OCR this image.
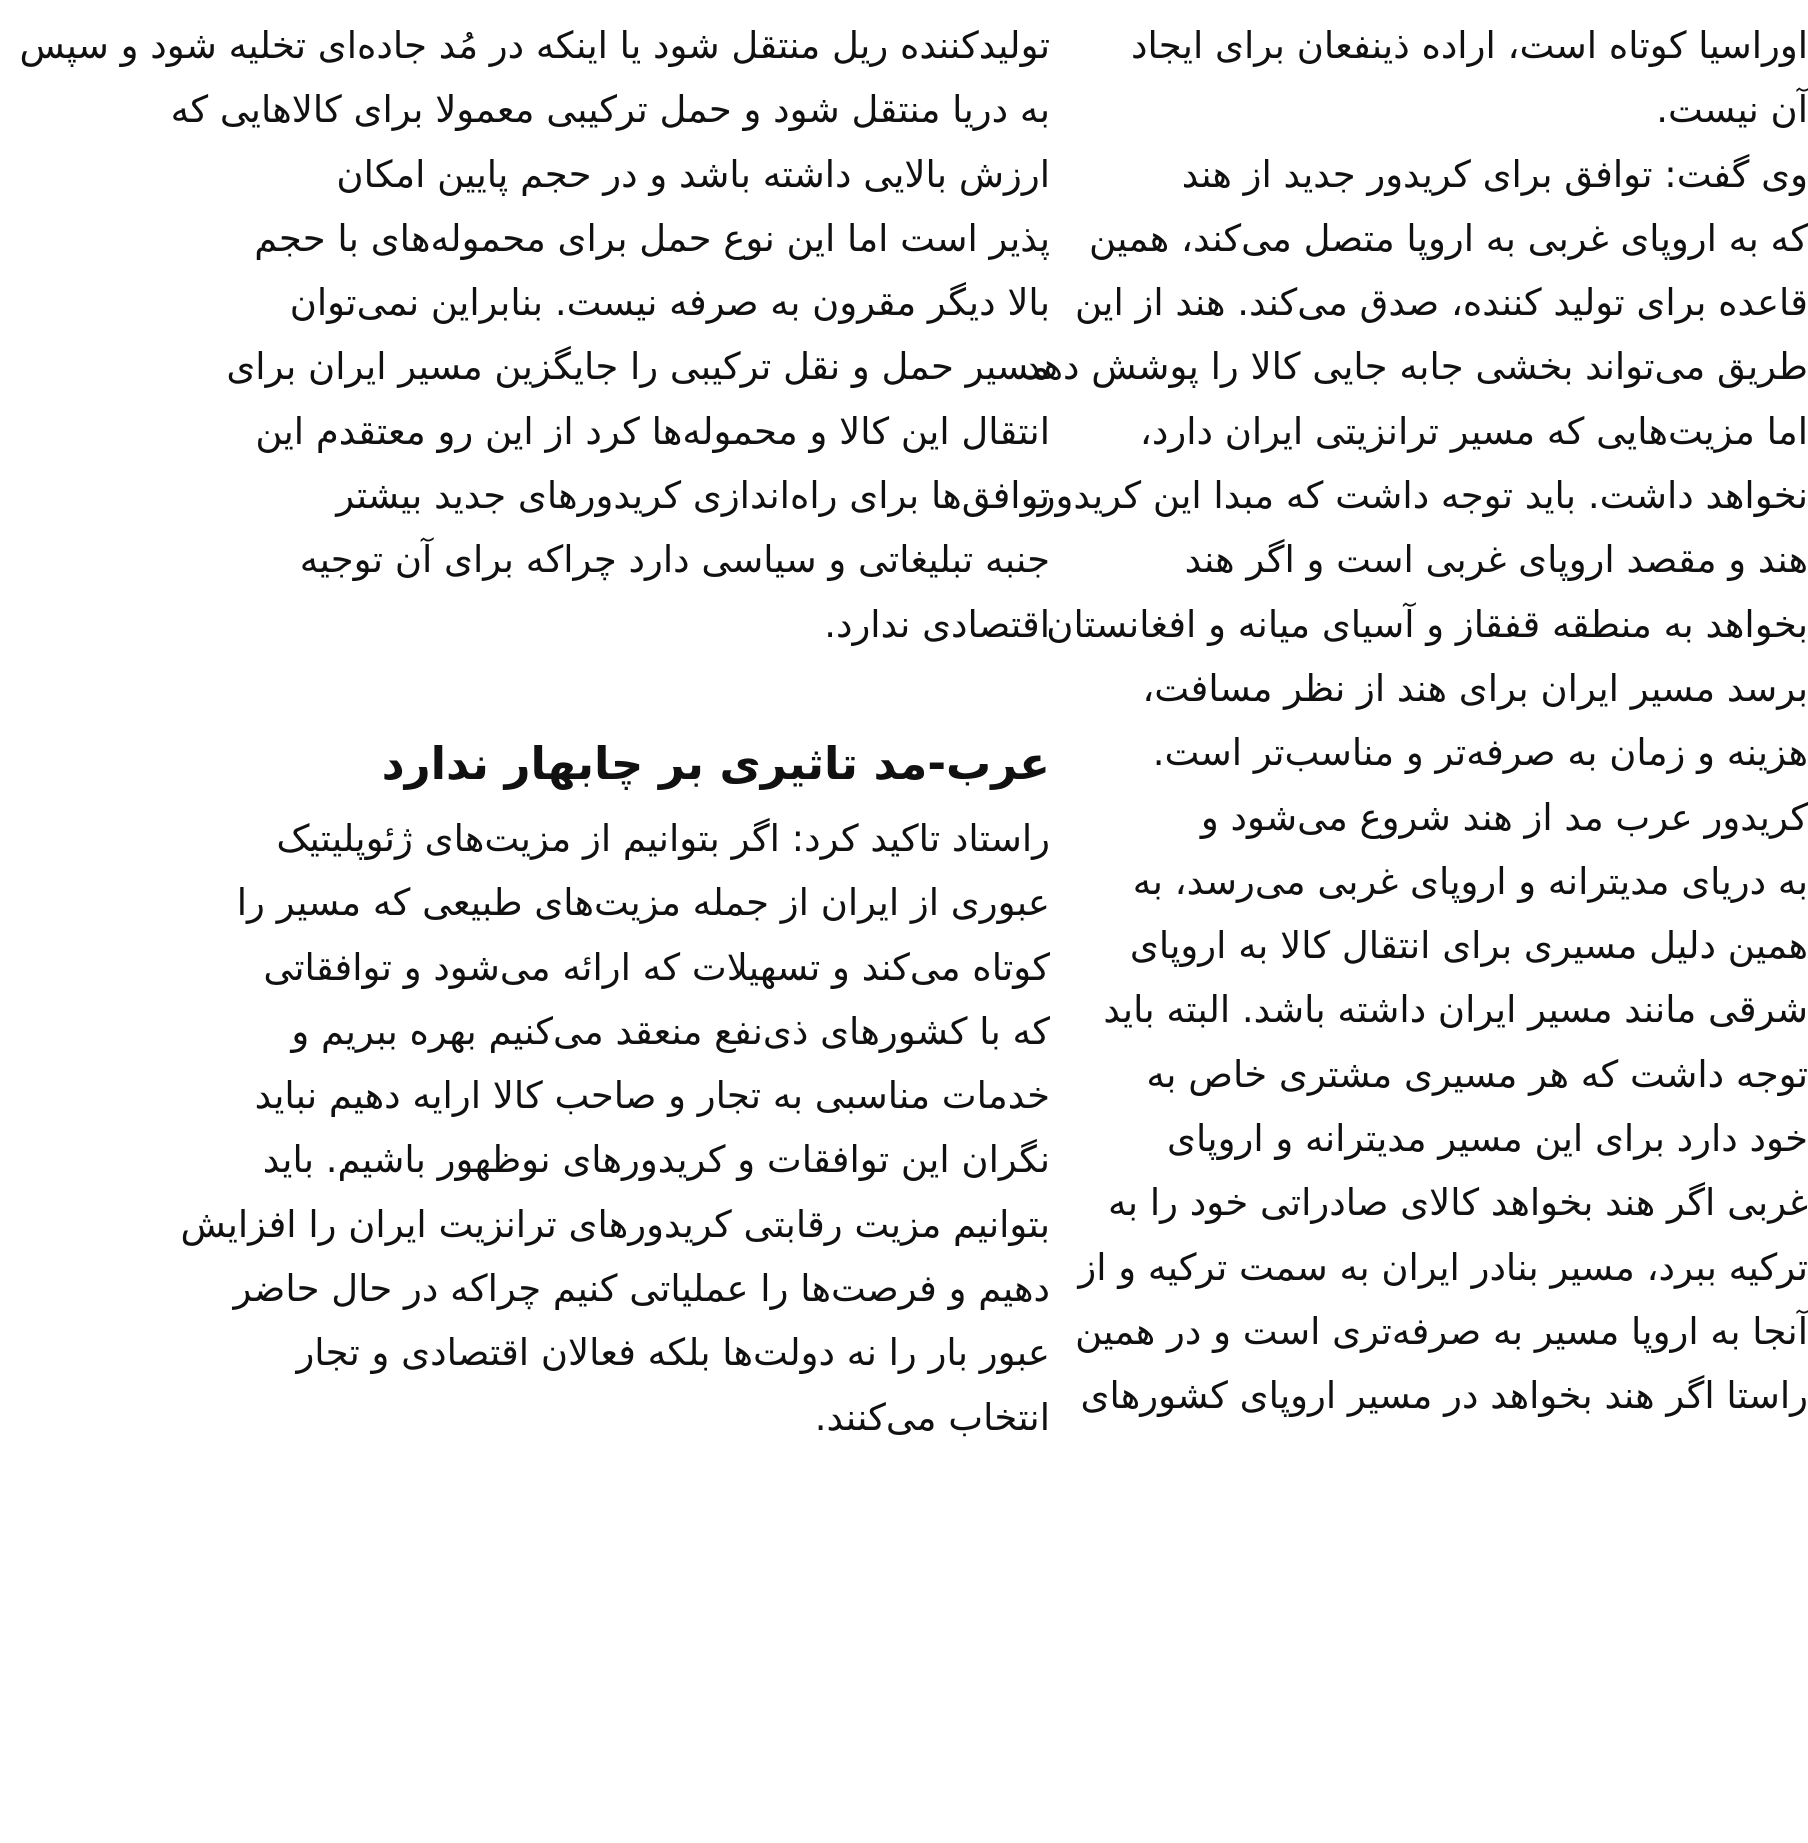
تولیدکننده ریل منتقل شود یا اینکه در مُد جاده‌ای تخلیه شود و سپس
به دریا منتقل شود و حمل ترکیبی معمولا برای کالاهایی که
ارزش بالایی داشته باشد و در حجم پایین امکان
پذیر است اما این نوع حمل برای محموله‌های با حجم
بالا دیگر مقرون به صرفه نیست. بنابراین نمی‌توان
مسیر حمل و نقل ترکیبی را جایگزین مسیر ایران برای
انتقال این کالا و محموله‌ها کرد از این رو معتقدم این
توافق‌ها برای راه‌اندازی کریدورهای جدید بیشتر
جنبه تبلیغاتی و سیاسی دارد چراکه برای آن توجیه
اقتصادی ندارد.
عرب-مد تاثیری بر چابهار ندارد
راستاد تاکید کرد: اگر بتوانیم از مزیت‌های ژئوپلیتیک
عبوری از ایران از جمله مزیت‌های طبیعی که مسیر را
کوتاه می‌کند و تسهیلات که ارائه می‌شود و توافقاتی
که با کشورهای ذی‌نفع منعقد می‌کنیم بهره ببریم و
خدمات مناسبی به تجار و صاحب کالا ارایه دهیم نباید
نگران این توافقات و کریدورهای نوظهور باشیم. باید
بتوانیم مزیت رقابتی کریدورهای ترانزیت ایران را افزایش
دهیم و فرصت‌ها را عملیاتی کنیم چراکه در حال حاضر
عبور بار را نه دولت‌ها بلکه فعالان اقتصادی و تجار
انتخاب می‌کنند.
اوراسیا کوتاه است، اراده ذینفعان برای ایجاد
آن نیست.
وی گفت: توافق برای کریدور جدید از هند
که به اروپای غربی به اروپا متصل می‌کند، همین
قاعده برای تولید کننده، صدق می‌کند. هند از این
طریق می‌تواند بخشی جابه جایی کالا را پوشش دهد
اما مزیت‌هایی که مسیر ترانزیتی ایران دارد،
نخواهد داشت. باید توجه داشت که مبدا این کریدور،
هند و مقصد اروپای غربی است و اگر هند
بخواهد به منطقه قفقاز و آسیای میانه و افغانستان
برسد مسیر ایران برای هند از نظر مسافت،
هزینه و زمان به صرفه‌تر و مناسب‌تر است.
کریدور عرب مد از هند شروع می‌شود و
به دریای مدیترانه و اروپای غربی می‌رسد، به
همین دلیل مسیری برای انتقال کالا به اروپای
شرقی مانند مسیر ایران داشته باشد. البته باید
توجه داشت که هر مسیری مشتری خاص به
خود دارد برای این مسیر مدیترانه و اروپای
غربی اگر هند بخواهد کالای صادراتی خود را به
ترکیه ببرد، مسیر بنادر ایران به سمت ترکیه و از
آنجا به اروپا مسیر به صرفه‌تری است و در همین
راستا اگر هند بخواهد در مسیر اروپای کشورهای
